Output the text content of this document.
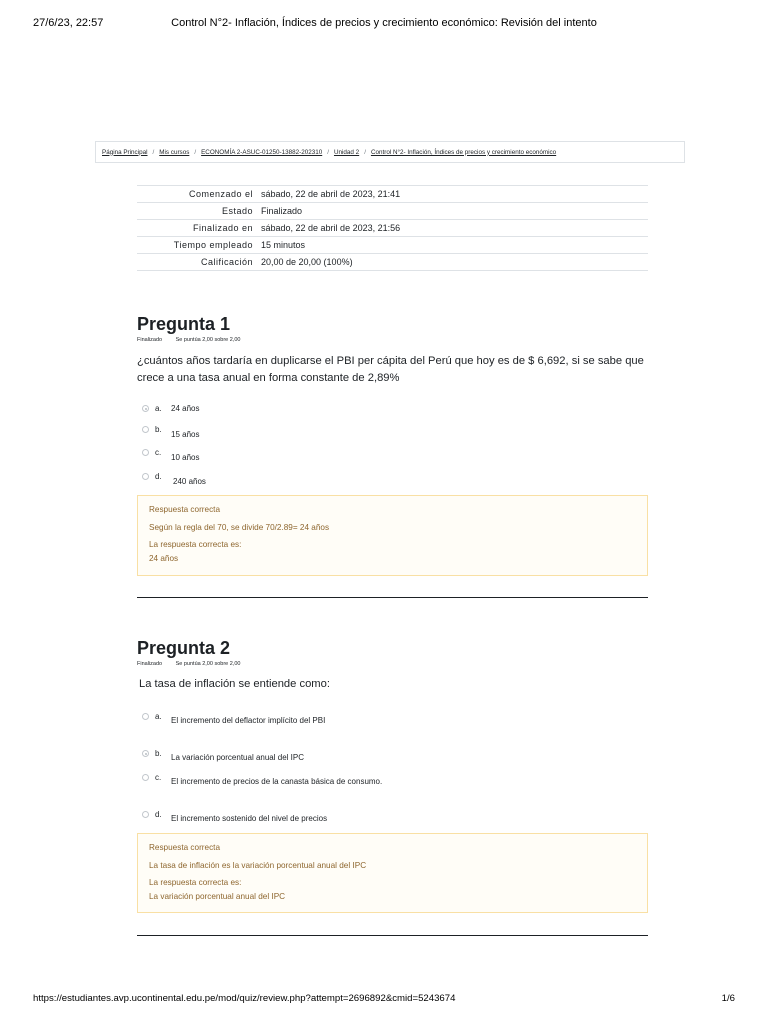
27/6/23, 22:57	Control N°2- Inflación, Índices de precios y crecimiento económico: Revisión del intento
Página Principal / Mis cursos / ECONOMÍA 2-ASUC-01250-13882-202310 / Unidad 2 / Control N°2- Inflación, Índices de precios y crecimiento económico
Comenzado el	sábado, 22 de abril de 2023, 21:41
Estado	Finalizado
Finalizado en	sábado, 22 de abril de 2023, 21:56
Tiempo empleado	15 minutos
Calificación	20,00 de 20,00 (100%)
Pregunta 1
Finalizado Se puntúa 2,00 sobre 2,00
¿cuántos años tardaría en duplicarse el PBI per cápita del Perú que hoy es de $ 6,692, si se sabe que crece a una tasa anual en forma constante de 2,89%
a. 24 años
b.
15 años
c.
10 años
d.
240 años
Respuesta correcta
Según la regla del 70, se divide 70/2.89= 24 años
La respuesta correcta es:
24 años
Pregunta 2
Finalizado Se puntúa 2,00 sobre 2,00
La tasa de inflación se entiende como:
a. El incremento del deflactor implícito del PBI
b. La variación porcentual anual del IPC
c. El incremento de precios de la canasta básica de consumo.
d. El incremento sostenido del nivel de precios
Respuesta correcta
La tasa de inflación es la variación porcentual anual del IPC
La respuesta correcta es:
La variación porcentual anual del IPC
https://estudiantes.avp.ucontinental.edu.pe/mod/quiz/review.php?attempt=2696892&cmid=5243674	1/6
